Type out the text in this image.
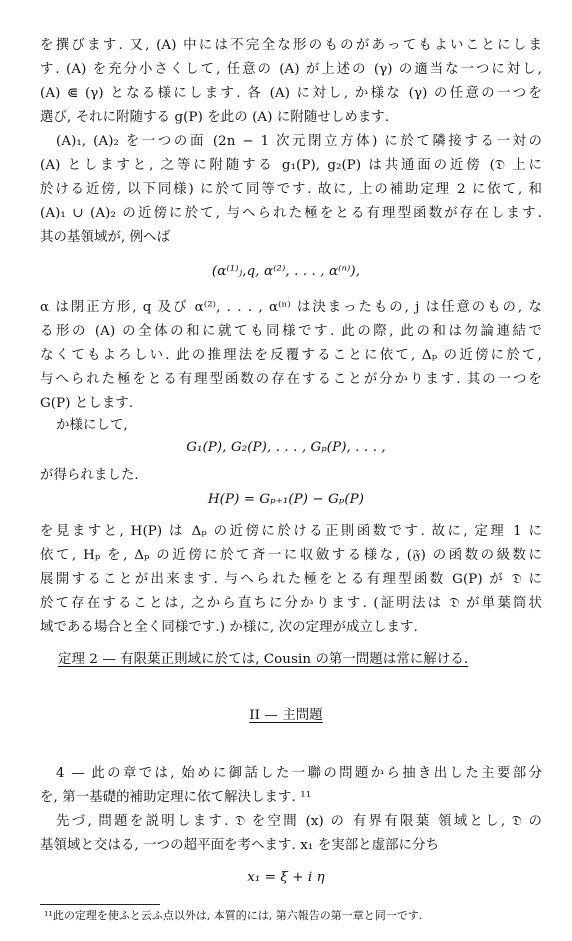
を撰びます. 又, (A) 中には不完全な形のものがあってもよいことにしま
す. (A) を充分小さくして, 任意の (A) が上述の (γ) の適当な一つに対し,
(A) ⋐ (γ) となる様にします. 各 (A) に対し, か様な (γ) の任意の一つを
選び, それに附随する g(P) を此の (A) に附随せしめます.
(A)₁, (A)₂ を一つの面 (2n − 1 次元閉立方体) に於て隣接する一対の
(A) としますと, 之等に附随する g₁(P), g₂(P) は共通面の近傍 (𝔇 上に
於ける近傍, 以下同様) に於て同等です. 故に, 上の補助定理 2 に依て, 和
(A)₁ ∪ (A)₂ の近傍に於て, 与へられた極をとる有理型函数が存在します.
其の基領域が, 例へば
(α⁽¹⁾ⱼ,q, α⁽²⁾, . . . , α⁽ⁿ⁾),
α は閉正方形, q 及び α⁽²⁾, . . . , α⁽ⁿ⁾ は決まったもの, j は任意のもの, な
る形の (A) の全体の和に就ても同様です. 此の際, 此の和は勿論連結で
なくてもよろしい. 此の推理法を反覆することに依て, Δₚ の近傍に於て,
与へられた極をとる有理型函数の存在することが分かります. 其の一つを
G(P) とします.
か様にして,
G₁(P), G₂(P), . . . , Gₚ(P), . . . ,
が得られました.
H(P) = Gₚ₊₁(P) − Gₚ(P)
を見ますと, H(P) は Δₚ の近傍に於ける正則函数です. 故に, 定理 1 に
依て, Hₚ を, Δₚ の近傍に於て斉一に収斂する様な, (𝔉) の函数の級数に
展開することが出来ます. 与へられた極をとる有理型函数 G(P) が 𝔇 に
於て存在することは, 之から直ちに分かります. (証明法は 𝔇 が単葉筒状
域である場合と全く同様です.) か様に, 次の定理が成立します.
定理 2 — 有限葉正則域に於ては, Cousin の第一問題は常に解ける.
II — 主問題
4 — 此の章では, 始めに御話した一聯の問題から抽き出した主要部分
を, 第一基礎的補助定理に依て解決します. ¹¹
先づ, 問題を説明します. 𝔇 を空間 (x) の 有界有限葉 領域とし, 𝔇 の
基領域と交はる, 一つの超平面を考へます. x₁ を実部と虚部に分ち
x₁ = ξ + i η
¹¹此の定理を使ふと云ふ点以外は, 本質的には, 第六報告の第一章と同一です.
